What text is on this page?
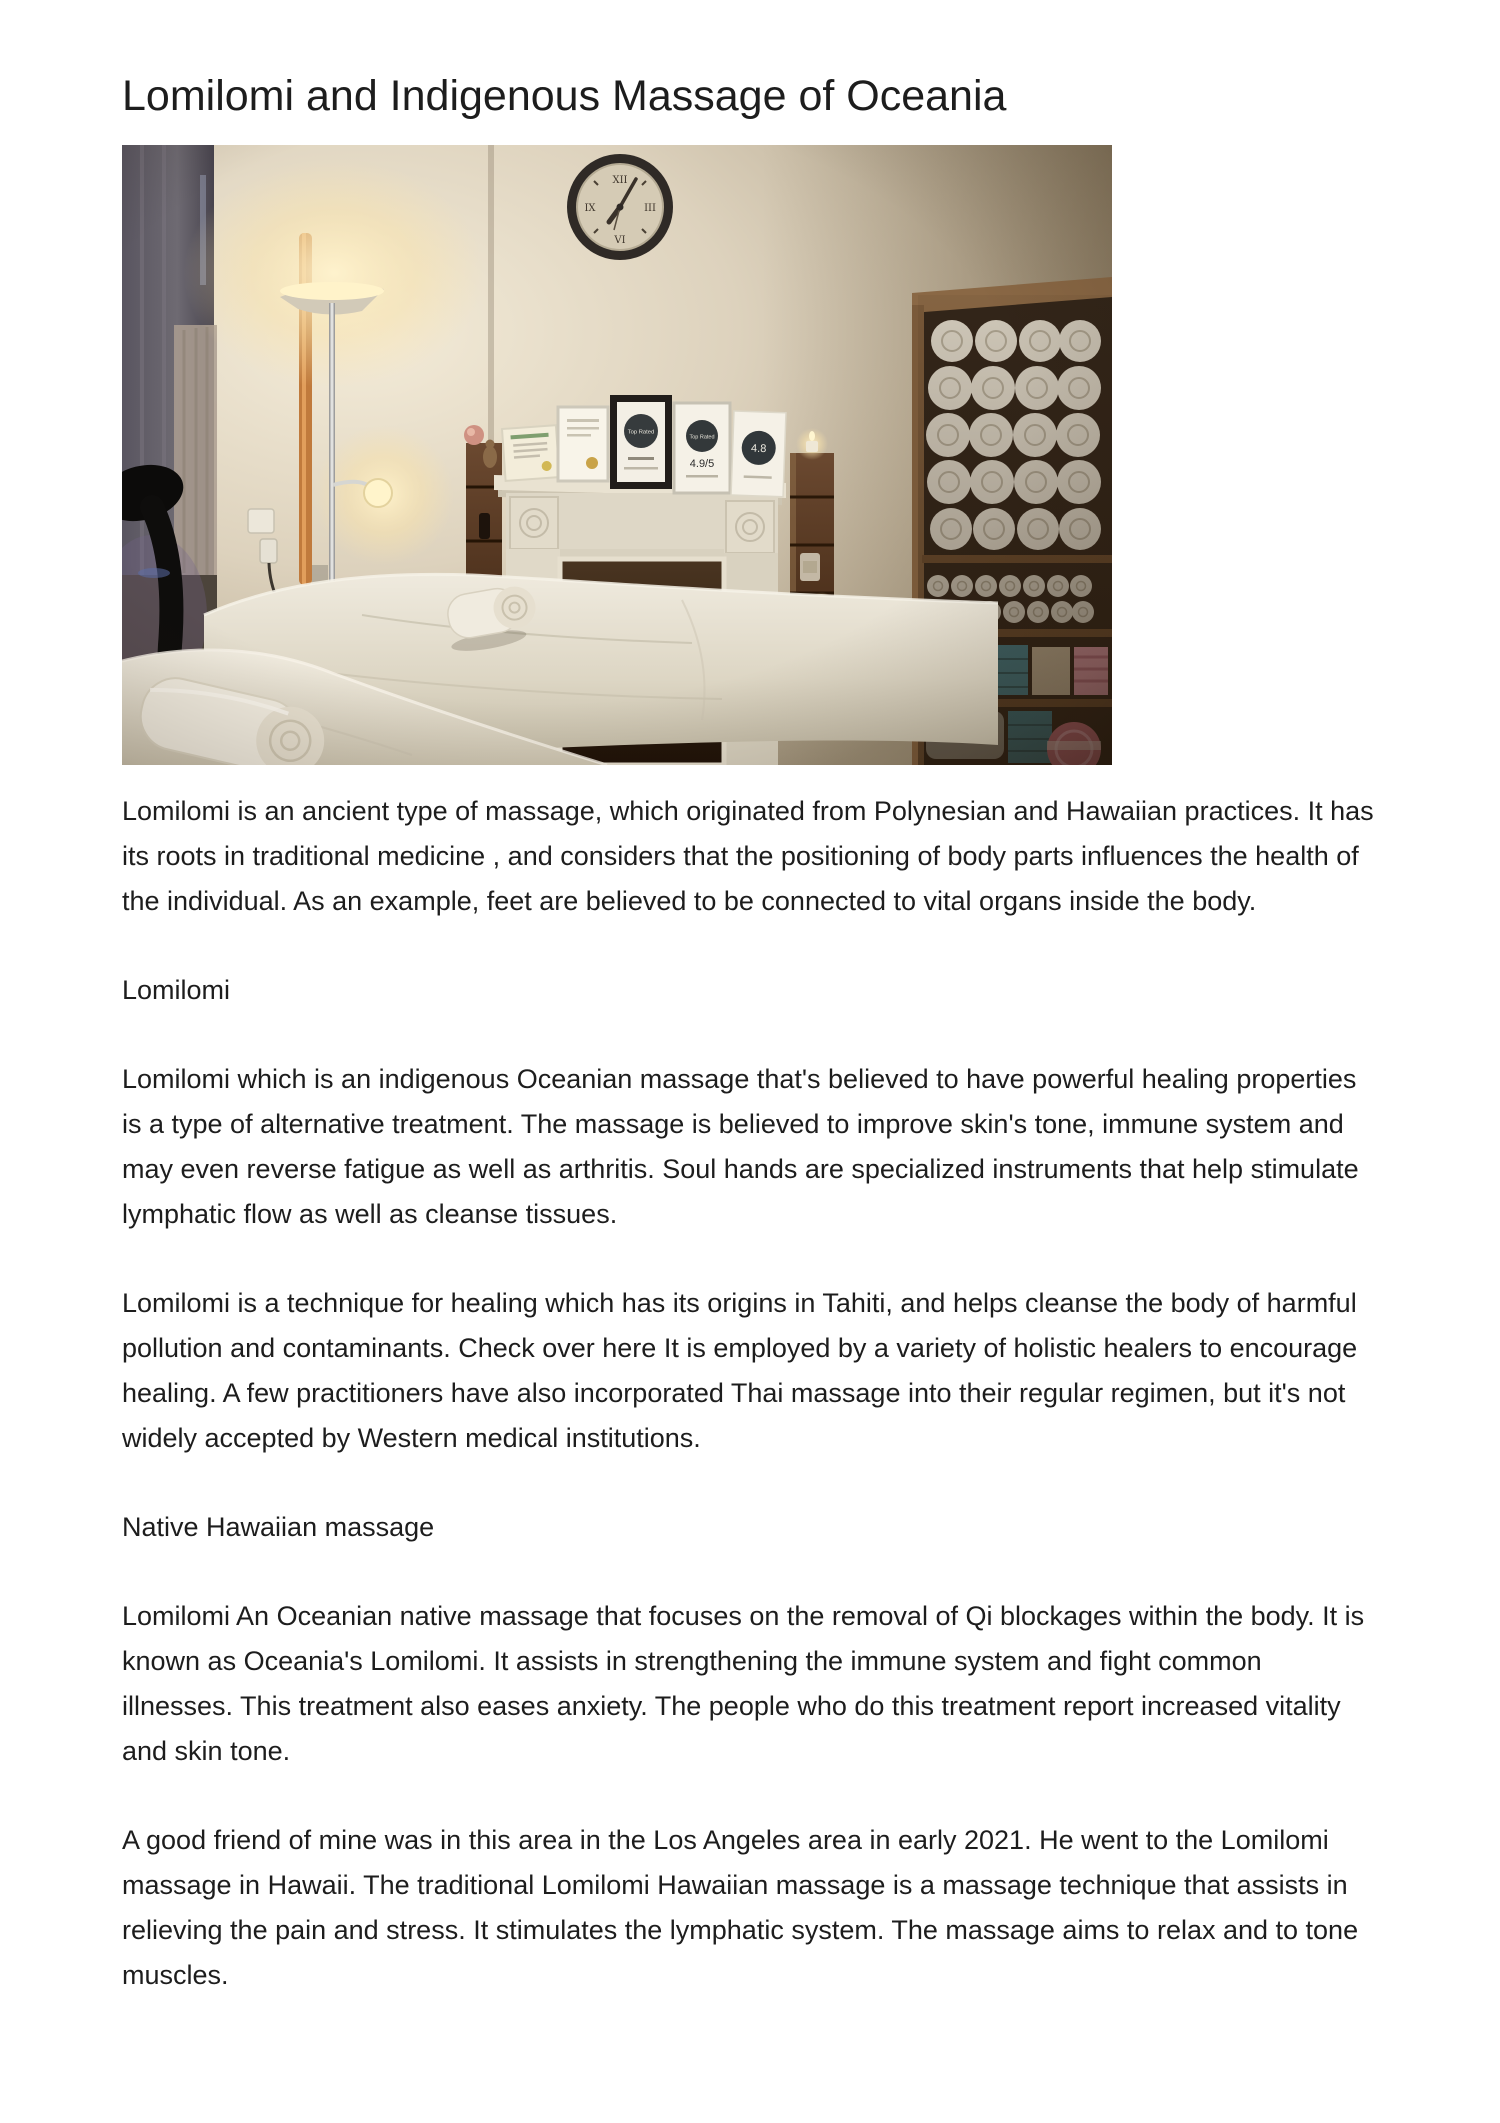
Lomilomi and Indigenous Massage of Oceania

Lomilomi is an ancient type of massage, which originated from Polynesian and Hawaiian practices. It has its roots in traditional medicine , and considers that the positioning of body parts influences the health of the individual. As an example, feet are believed to be connected to vital organs inside the body.

Lomilomi

Lomilomi which is an indigenous Oceanian massage that's believed to have powerful healing properties is a type of alternative treatment. The massage is believed to improve skin's tone, immune system and may even reverse fatigue as well as arthritis. Soul hands are specialized instruments that help stimulate lymphatic flow as well as cleanse tissues.

Lomilomi is a technique for healing which has its origins in Tahiti, and helps cleanse the body of harmful pollution and contaminants. Check over here It is employed by a variety of holistic healers to encourage healing. A few practitioners have also incorporated Thai massage into their regular regimen, but it's not widely accepted by Western medical institutions.

Native Hawaiian massage

Lomilomi An Oceanian native massage that focuses on the removal of Qi blockages within the body. It is known as Oceania's Lomilomi. It assists in strengthening the immune system and fight common illnesses. This treatment also eases anxiety. The people who do this treatment report increased vitality and skin tone.

A good friend of mine was in this area in the Los Angeles area in early 2021. He went to the Lomilomi massage in Hawaii. The traditional Lomilomi Hawaiian massage is a massage technique that assists in relieving the pain and stress. It stimulates the lymphatic system. The massage aims to relax and to tone muscles.
